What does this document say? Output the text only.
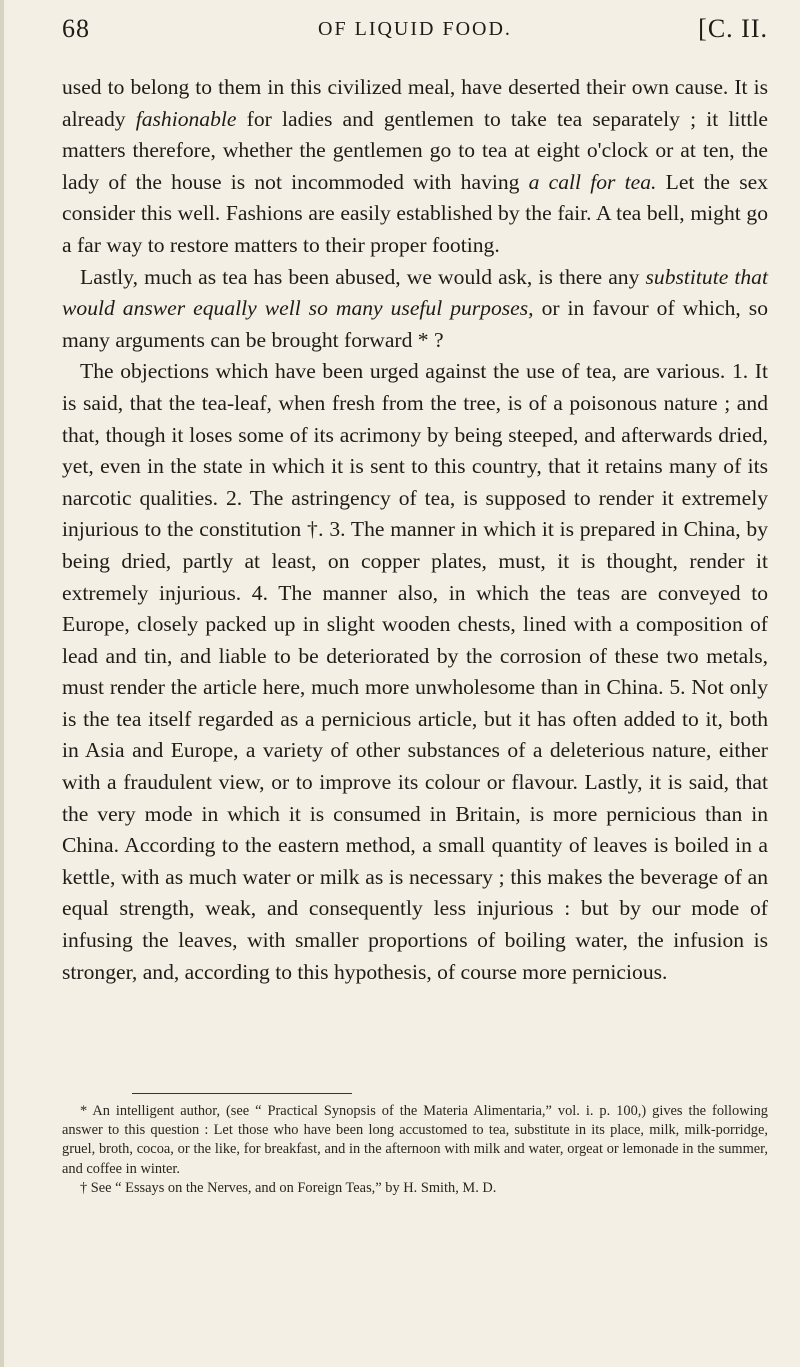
68	OF LIQUID FOOD.	[C. II.

used to belong to them in this civilized meal, have deserted their own cause. It is already fashionable for ladies and gentlemen to take tea separately ; it little matters therefore, whether the gentlemen go to tea at eight o'clock or at ten, the lady of the house is not incommoded with having a call for tea. Let the sex consider this well. Fashions are easily established by the fair. A tea bell, might go a far way to restore matters to their proper footing.

Lastly, much as tea has been abused, we would ask, is there any substitute that would answer equally well so many useful purposes, or in favour of which, so many arguments can be brought forward * ?

The objections which have been urged against the use of tea, are various. 1. It is said, that the tea-leaf, when fresh from the tree, is of a poisonous nature ; and that, though it loses some of its acrimony by being steeped, and afterwards dried, yet, even in the state in which it is sent to this country, that it retains many of its narcotic qualities. 2. The astringency of tea, is supposed to render it extremely injurious to the constitution †. 3. The manner in which it is prepared in China, by being dried, partly at least, on copper plates, must, it is thought, render it extremely injurious. 4. The manner also, in which the teas are conveyed to Europe, closely packed up in slight wooden chests, lined with a composition of lead and tin, and liable to be deteriorated by the corrosion of these two metals, must render the article here, much more unwholesome than in China. 5. Not only is the tea itself regarded as a pernicious article, but it has often added to it, both in Asia and Europe, a variety of other substances of a deleterious nature, either with a fraudulent view, or to improve its colour or flavour. Lastly, it is said, that the very mode in which it is consumed in Britain, is more pernicious than in China. According to the eastern method, a small quantity of leaves is boiled in a kettle, with as much water or milk as is necessary ; this makes the beverage of an equal strength, weak, and consequently less injurious : but by our mode of infusing the leaves, with smaller proportions of boiling water, the infusion is stronger, and, according to this hypothesis, of course more pernicious.

* An intelligent author, (see “ Practical Synopsis of the Materia Alimentaria,” vol. i. p. 100,) gives the following answer to this question : Let those who have been long accustomed to tea, substitute in its place, milk, milk-porridge, gruel, broth, cocoa, or the like, for breakfast, and in the afternoon with milk and water, orgeat or lemonade in the summer, and coffee in winter.

† See “ Essays on the Nerves, and on Foreign Teas,” by H. Smith, M. D.
